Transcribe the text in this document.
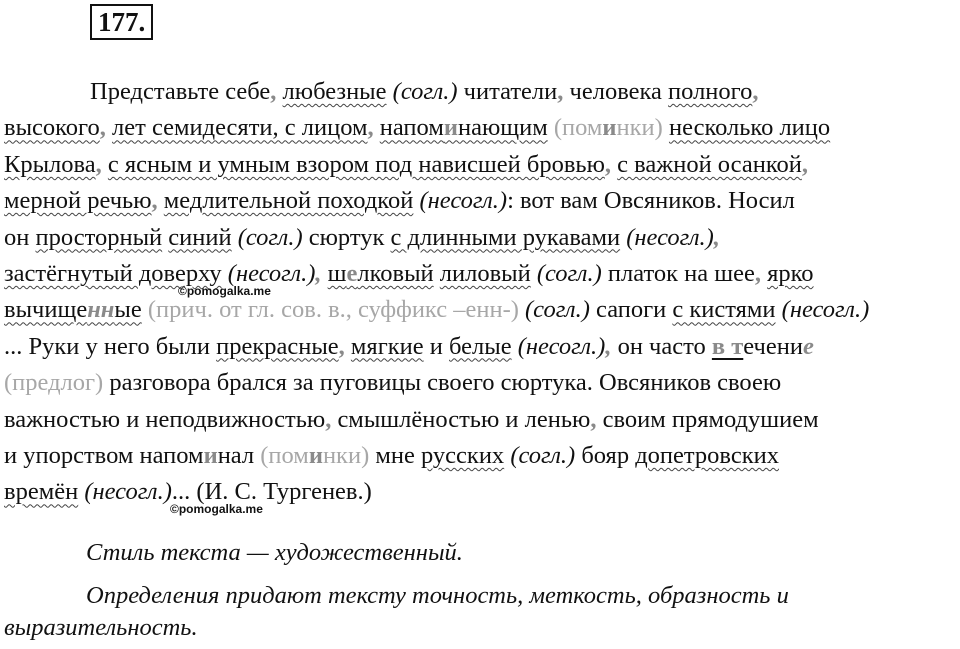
177.
Представьте себе, любезные (согл.) читатели, человека полного,
высокого, лет семидесяти, с лицом, напоминающим (поминки) несколько лицо
Крылова, с ясным и умным взором под нависшей бровью, с важной осанкой,
мерной речью, медлительной походкой (несогл.): вот вам Овсяников. Носил
он просторный синий (согл.) сюртук с длинными рукавами (несогл.),
застёгнутый доверху (несогл.), шелковый лиловый (согл.) платок на шее, ярко
вычищенные (прич. от гл. сов. в., суффикс –енн-) (согл.) сапоги с кистями (несогл.)
... Руки у него были прекрасные, мягкие и белые (несогл.), он часто в течение
(предлог) разговора брался за пуговицы своего сюртука. Овсяников своею
важностью и неподвижностью, смышлёностью и ленью, своим прямодушием
и упорством напоминал (поминки) мне русских (согл.) бояр допетровских
времён (несогл.)... (И. С. Тургенев.)
©pomogalka.me
©pomogalka.me
Стиль текста — художественный.
Определения придают тексту точность, меткость, образность и выразительность.
